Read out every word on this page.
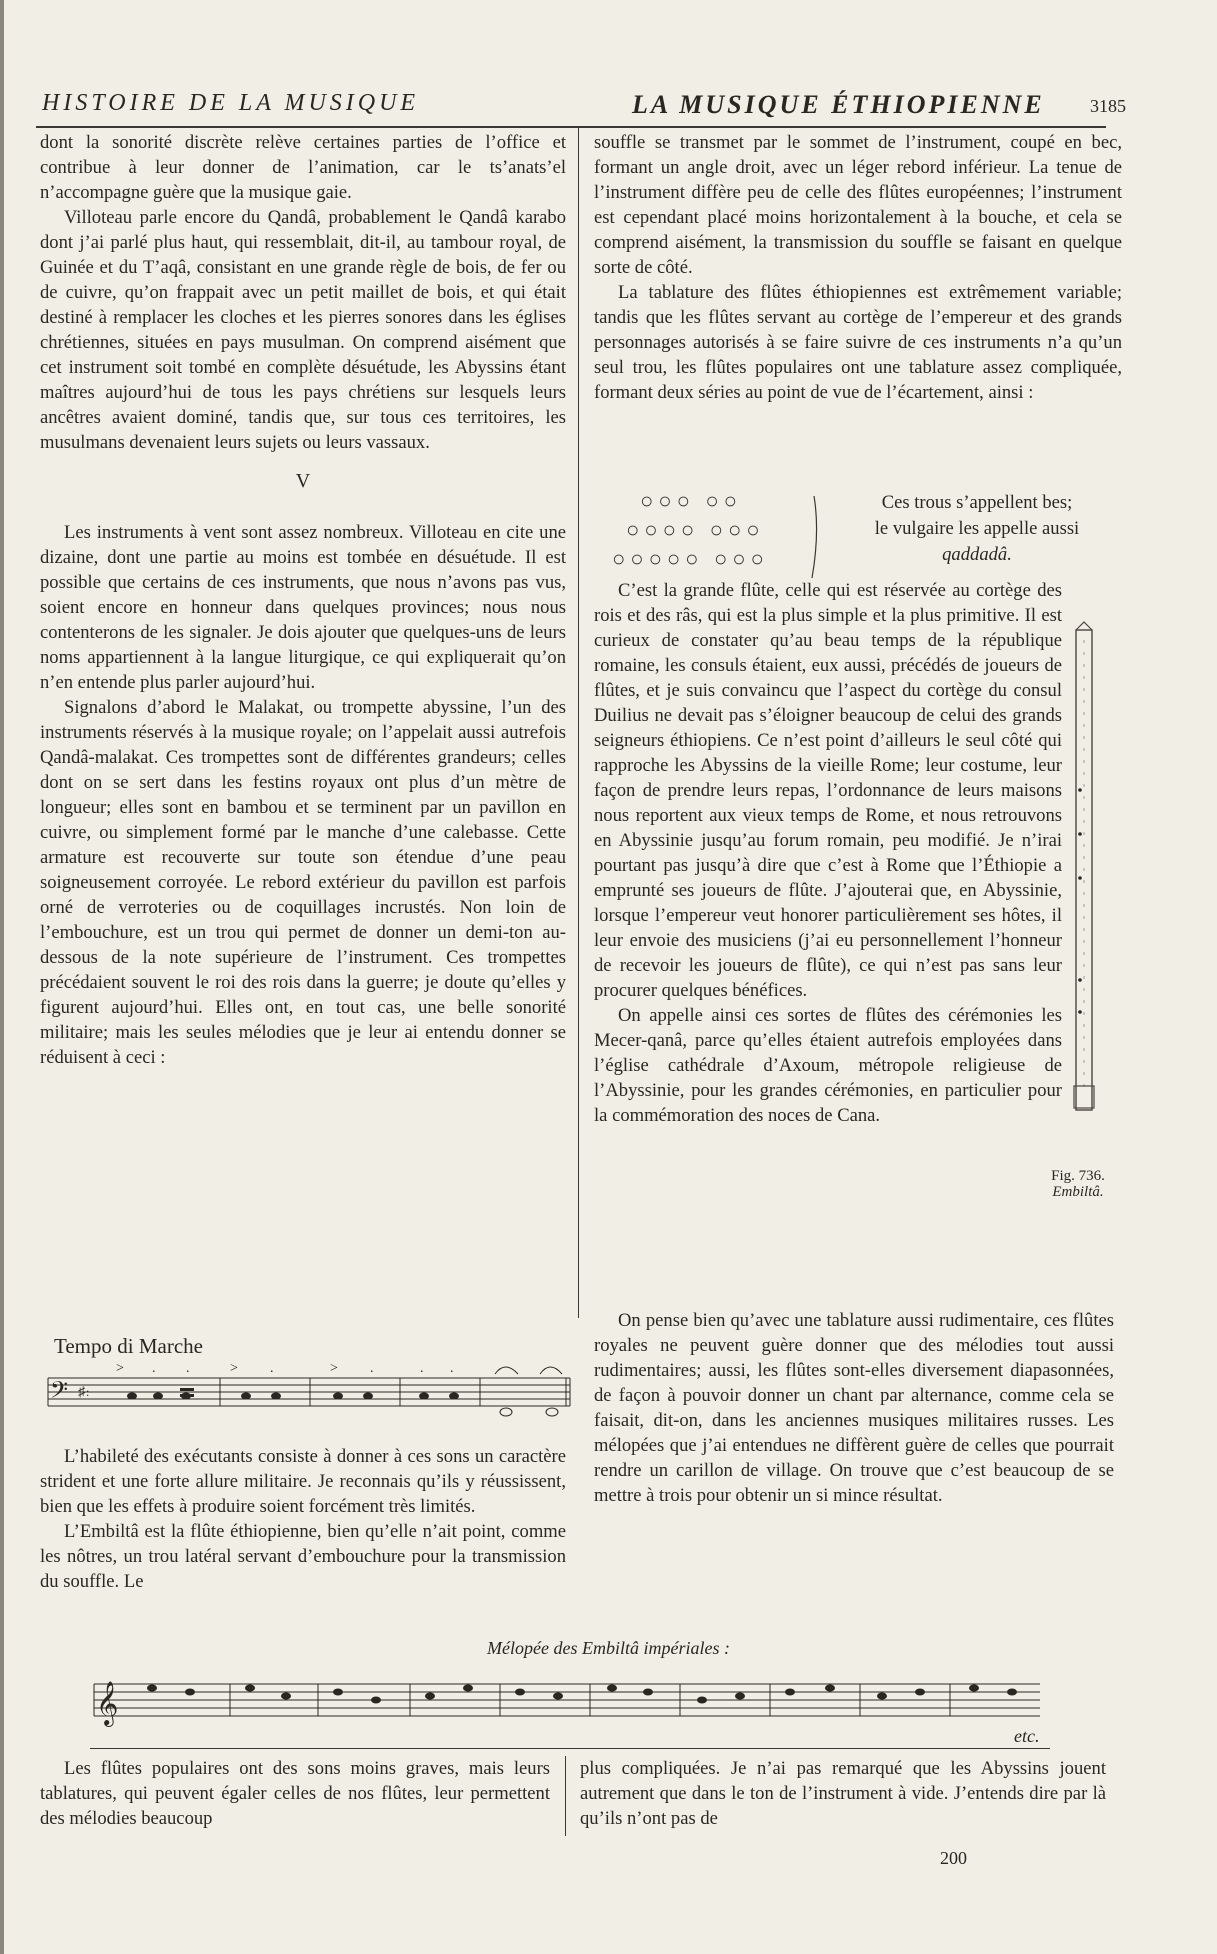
HISTOIRE DE LA MUSIQUE	LA MUSIQUE ÉTHIOPIENNE	3185

dont la sonorité discrète relève certaines parties de l’office et contribue à leur donner de l’animation, car le ts’anats’el n’accompagne guère que la musique gaie.

Villoteau parle encore du Qandâ, probablement le Qandâ karabo dont j’ai parlé plus haut, qui ressemblait, dit-il, au tambour royal, de Guinée et du T’aqâ, consistant en une grande règle de bois, de fer ou de cuivre, qu’on frappait avec un petit maillet de bois, et qui était destiné à remplacer les cloches et les pierres sonores dans les églises chrétiennes, situées en pays musulman. On comprend aisément que cet instrument soit tombé en complète désuétude, les Abyssins étant maîtres aujourd’hui de tous les pays chrétiens sur lesquels leurs ancêtres avaient dominé, tandis que, sur tous ces territoires, les musulmans devenaient leurs sujets ou leurs vassaux.

V

Les instruments à vent sont assez nombreux. Villoteau en cite une dizaine, dont une partie au moins est tombée en désuétude. Il est possible que certains de ces instruments, que nous n’avons pas vus, soient encore en honneur dans quelques provinces; nous nous contenterons de les signaler. Je dois ajouter que quelques-uns de leurs noms appartiennent à la langue liturgique, ce qui expliquerait qu’on n’en entende plus parler aujourd’hui.

Signalons d’abord le Malakat, ou trompette abyssine, l’un des instruments réservés à la musique royale; on l’appelait aussi autrefois Qandâ-malakat. Ces trompettes sont de différentes grandeurs; celles dont on se sert dans les festins royaux ont plus d’un mètre de longueur; elles sont en bambou et se terminent par un pavillon en cuivre, ou simplement formé par le manche d’une calebasse. Cette armature est recouverte sur toute son étendue d’une peau soigneusement corroyée. Le rebord extérieur du pavillon est parfois orné de verroteries ou de coquillages incrustés. Non loin de l’embouchure, est un trou qui permet de donner un demi-ton au-dessous de la note supérieure de l’instrument. Ces trompettes précédaient souvent le roi des rois dans la guerre; je doute qu’elles y figurent aujourd’hui. Elles ont, en tout cas, une belle sonorité militaire; mais les seules mélodies que je leur ai entendu donner se réduisent à ceci :

souffle se transmet par le sommet de l’instrument, coupé en bec, formant un angle droit, avec un léger rebord inférieur. La tenue de l’instrument diffère peu de celle des flûtes européennes; l’instrument est cependant placé moins horizontalement à la bouche, et cela se comprend aisément, la transmission du souffle se faisant en quelque sorte de côté.

La tablature des flûtes éthiopiennes est extrêmement variable; tandis que les flûtes servant au cortège de l’empereur et des grands personnages autorisés à se faire suivre de ces instruments n’a qu’un seul trou, les flûtes populaires ont une tablature assez compliquée, formant deux séries au point de vue de l’écartement, ainsi :

○○○ ○○
○○○○ ○○○
○○○○○ ○○○
Ces trous s’appellent bes;
le vulgaire les appelle aussi
qaddadâ.

C’est la grande flûte, celle qui est réservée au cortège des rois et des râs, qui est la plus simple et la plus primitive. Il est curieux de constater qu’au beau temps de la république romaine, les consuls étaient, eux aussi, précédés de joueurs de flûtes, et je suis convaincu que l’aspect du cortège du consul Duilius ne devait pas s’éloigner beaucoup de celui des grands seigneurs éthiopiens. Ce n’est point d’ailleurs le seul côté qui rapproche les Abyssins de la vieille Rome; leur costume, leur façon de prendre leurs repas, l’ordonnance de leurs maisons nous reportent aux vieux temps de Rome, et nous retrouvons en Abyssinie jusqu’au forum romain, peu modifié. Je n’irai pourtant pas jusqu’à dire que c’est à Rome que l’Éthiopie a emprunté ses joueurs de flûte. J’ajouterai que, en Abyssinie, lorsque l’empereur veut honorer particulièrement ses hôtes, il leur envoie des musiciens (j’ai eu personnellement l’honneur de recevoir les joueurs de flûte), ce qui n’est pas sans leur procurer quelques bénéfices.

On appelle ainsi ces sortes de flûtes des cérémonies les Mecer-qanâ, parce qu’elles étaient autrefois employées dans l’église cathédrale d’Axoum, métropole religieuse de l’Abyssinie, pour les grandes cérémonies, en particulier pour la commémoration des noces de Cana.

Fig. 736.
Embiltâ.

On pense bien qu’avec une tablature aussi rudimentaire, ces flûtes royales ne peuvent guère donner que des mélodies tout aussi rudimentaires; aussi, les flûtes sont-elles diversement diapasonnées, de façon à pouvoir donner un chant par alternance, comme cela se faisait, dit-on, dans les anciennes musiques militaires russes. Les mélopées que j’ai entendues ne diffèrent guère de celles que pourrait rendre un carillon de village. On trouve que c’est beaucoup de se mettre à trois pour obtenir un si mince résultat.

Tempo di Marche
𝄢 ♯ :
>	>	>
. .	.	.	. .

L’habileté des exécutants consiste à donner à ces sons un caractère strident et une forte allure militaire. Je reconnais qu’ils y réussissent, bien que les effets à produire soient forcément très limités.

L’Embiltâ est la flûte éthiopienne, bien qu’elle n’ait point, comme les nôtres, un trou latéral servant d’embouchure pour la transmission du souffle. Le

Mélopée des Embiltâ impériales :
𝄞
etc.

Les flûtes populaires ont des sons moins graves, mais leurs tablatures, qui peuvent égaler celles de nos flûtes, leur permettent des mélodies beaucoup

plus compliquées. Je n’ai pas remarqué que les Abyssins jouent autrement que dans le ton de l’instrument à vide. J’entends dire par là qu’ils n’ont pas de

200
